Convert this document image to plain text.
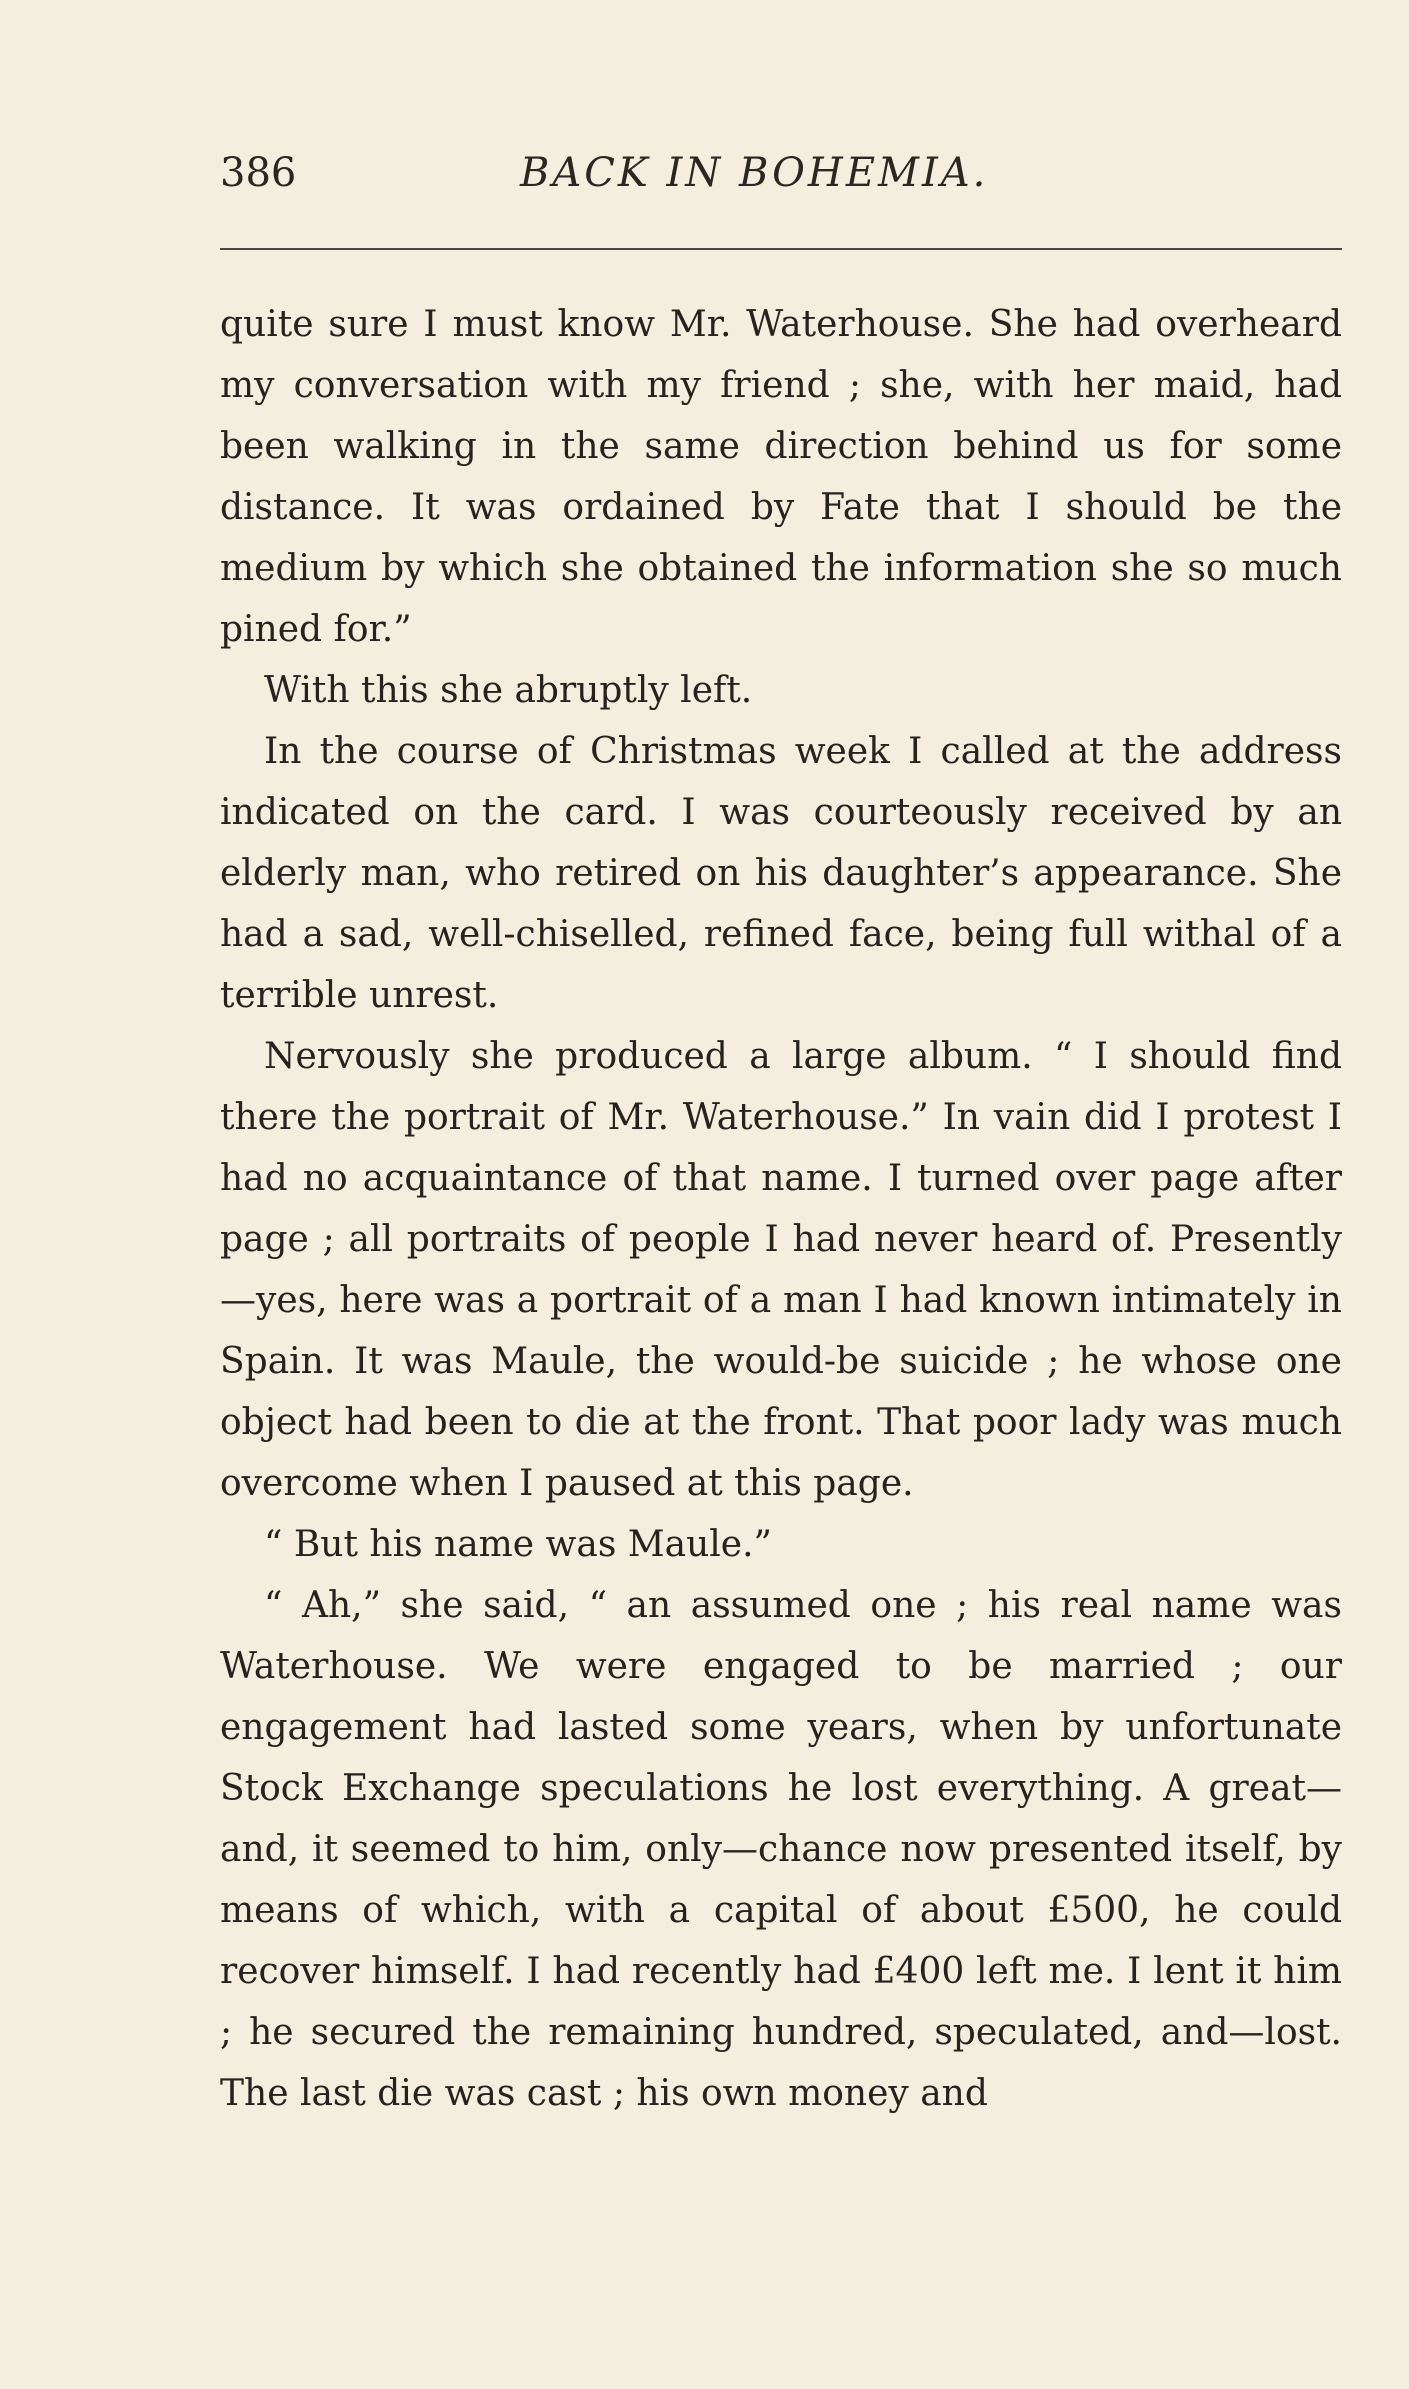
386	BACK IN BOHEMIA.

quite sure I must know Mr. Waterhouse. She had overheard my conversation with my friend ; she, with her maid, had been walking in the same direction behind us for some distance. It was ordained by Fate that I should be the medium by which she obtained the information she so much pined for.”

With this she abruptly left.

In the course of Christmas week I called at the address indicated on the card. I was courteously received by an elderly man, who retired on his daughter’s appearance. She had a sad, well-chiselled, refined face, being full withal of a terrible unrest.

Nervously she produced a large album. “ I should find there the portrait of Mr. Waterhouse.” In vain did I protest I had no acquaintance of that name. I turned over page after page ; all portraits of people I had never heard of. Presently—yes, here was a portrait of a man I had known intimately in Spain. It was Maule, the would-be suicide ; he whose one object had been to die at the front. That poor lady was much overcome when I paused at this page.

“ But his name was Maule.”

“ Ah,” she said, “ an assumed one ; his real name was Waterhouse. We were engaged to be married ; our engagement had lasted some years, when by unfortunate Stock Exchange speculations he lost everything. A great—and, it seemed to him, only—chance now presented itself, by means of which, with a capital of about £500, he could recover himself. I had recently had £400 left me. I lent it him ; he secured the remaining hundred, speculated, and—lost. The last die was cast ; his own money and
